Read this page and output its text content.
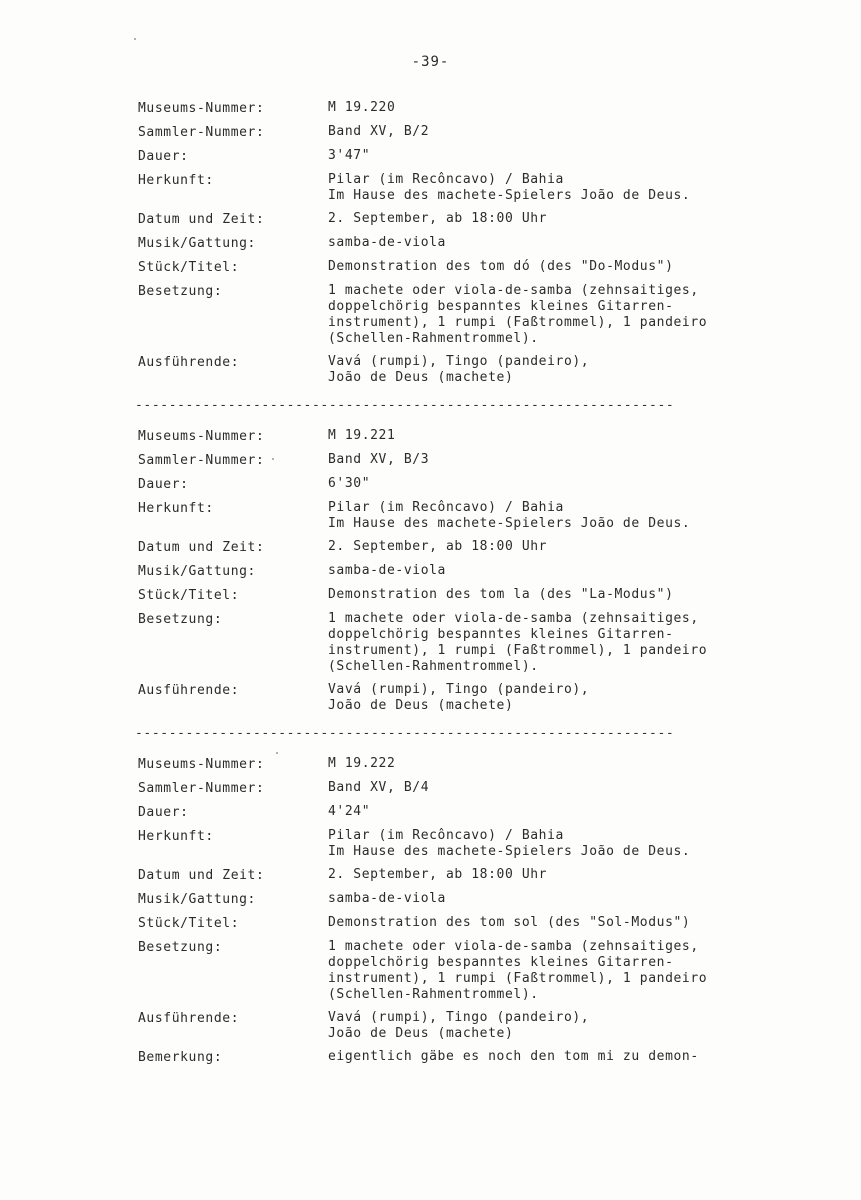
-39-
Museums-Nummer:	M 19.220
Sammler-Nummer:	Band XV, B/2
Dauer:	3'47"
Herkunft:	Pilar (im Recôncavo) / Bahia
Im Hause des machete-Spielers João de Deus.
Datum und Zeit:	2. September, ab 18:00 Uhr
Musik/Gattung:	samba-de-viola
Stück/Titel:	Demonstration des tom dó (des "Do-Modus")
Besetzung:	1 machete oder viola-de-samba (zehnsaitiges,
doppelchörig bespanntes kleines Gitarren-
instrument), 1 rumpi (Faßtrommel), 1 pandeiro
(Schellen-Rahmentrommel).
Ausführende:	Vavá (rumpi), Tingo (pandeiro),
João de Deus (machete)
----------------------------------------------------------------
Museums-Nummer:	M 19.221
Sammler-Nummer:	Band XV, B/3
Dauer:	6'30"
Herkunft:	Pilar (im Recôncavo) / Bahia
Im Hause des machete-Spielers João de Deus.
Datum und Zeit:	2. September, ab 18:00 Uhr
Musik/Gattung:	samba-de-viola
Stück/Titel:	Demonstration des tom la (des "La-Modus")
Besetzung:	1 machete oder viola-de-samba (zehnsaitiges,
doppelchörig bespanntes kleines Gitarren-
instrument), 1 rumpi (Faßtrommel), 1 pandeiro
(Schellen-Rahmentrommel).
Ausführende:	Vavá (rumpi), Tingo (pandeiro),
João de Deus (machete)
----------------------------------------------------------------
Museums-Nummer:	M 19.222
Sammler-Nummer:	Band XV, B/4
Dauer:	4'24"
Herkunft:	Pilar (im Recôncavo) / Bahia
Im Hause des machete-Spielers João de Deus.
Datum und Zeit:	2. September, ab 18:00 Uhr
Musik/Gattung:	samba-de-viola
Stück/Titel:	Demonstration des tom sol (des "Sol-Modus")
Besetzung:	1 machete oder viola-de-samba (zehnsaitiges,
doppelchörig bespanntes kleines Gitarren-
instrument), 1 rumpi (Faßtrommel), 1 pandeiro
(Schellen-Rahmentrommel).
Ausführende:	Vavá (rumpi), Tingo (pandeiro),
João de Deus (machete)
Bemerkung:	eigentlich gäbe es noch den tom mi zu demon-
